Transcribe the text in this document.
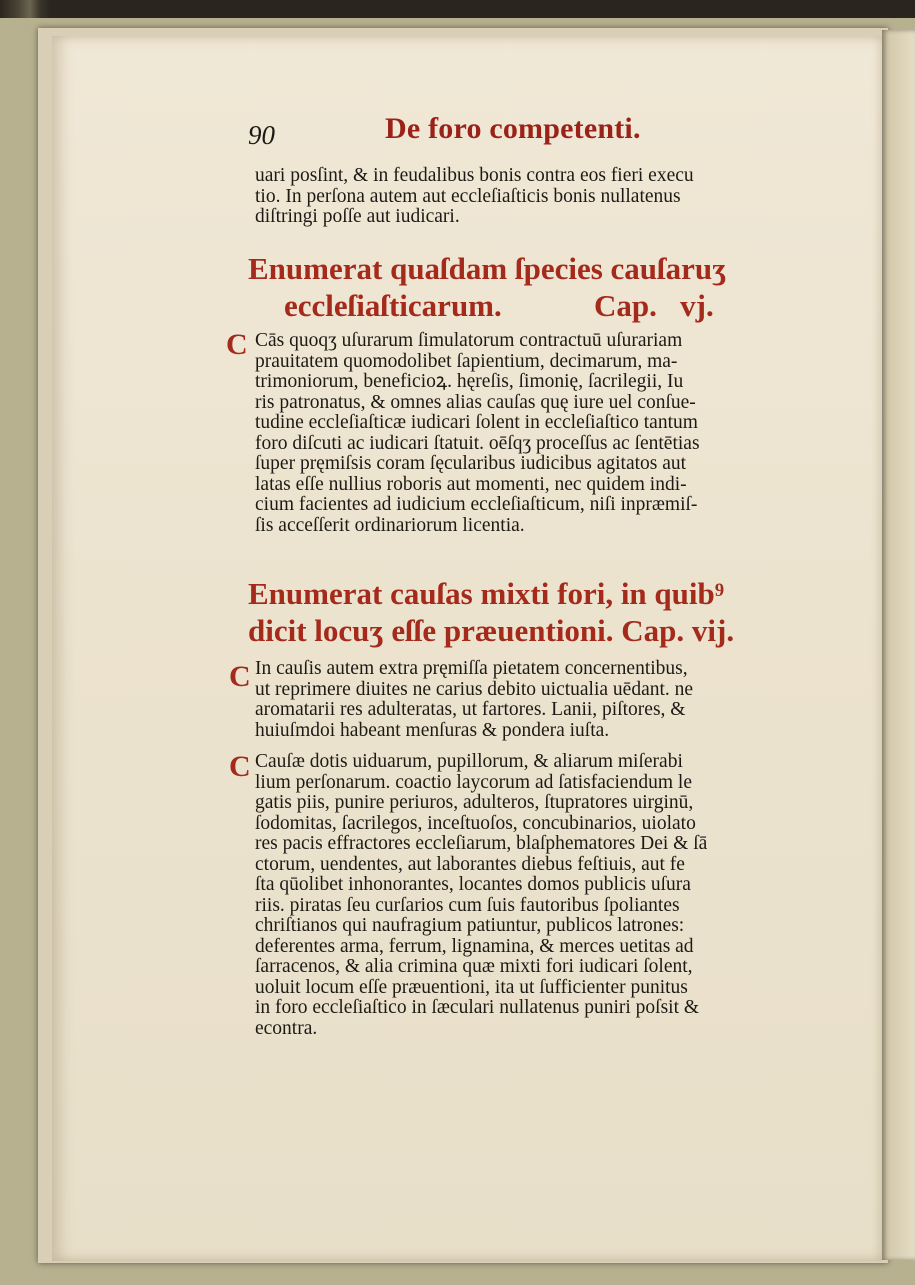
90	De foro competenti.
uari posſint, & in feudalibus bonis contra eos fieri execu
tio. In perſona autem aut eccleſiaſticis bonis nullatenus
diſtringi poſſe aut iudicari.
Enumerat quaſdam ſpecies cauſaruʒ
eccleſiaſticarum.	Cap.   vj.
C Cās quoqʒ uſurarum ſimulatorum contractuū uſurariam
prauitatem quomodolibet ſapientium, decimarum, ma-
trimoniorum, beneficioꝝ. hęreſis, ſimonię, ſacrilegii, Iu
ris patronatus, & omnes alias cauſas quę iure uel conſue-
tudine eccleſiaſticæ iudicari ſolent in eccleſiaſtico tantum
foro diſcuti ac iudicari ſtatuit. oēſqʒ proceſſus ac ſentētias
ſuper pręmiſsis coram ſęcularibus iudicibus agitatos aut
latas eſſe nullius roboris aut momenti, nec quidem indi-
cium facientes ad iudicium eccleſiaſticum, niſi inpræmiſ-
ſis acceſſerit ordinariorum licentia.
Enumerat cauſas mixti fori, in quib⁹
dicit locuʒ eſſe præuentioni. Cap. vij.
C In cauſis autem extra pręmiſſa pietatem concernentibus,
ut reprimere diuites ne carius debito uictualia uēdant. ne
aromatarii res adulteratas, ut fartores. Lanii, piſtores, &
huiuſmdoi habeant menſuras & pondera iuſta.
C Cauſæ dotis uiduarum, pupillorum, & aliarum miſerabi
lium perſonarum. coactio laycorum ad ſatisfaciendum le
gatis piis, punire periuros, adulteros, ſtupratores uirginū,
ſodomitas, ſacrilegos, inceſtuoſos, concubinarios, uiolato
res pacis effractores eccleſiarum, blaſphematores Dei & ſā
ctorum, uendentes, aut laborantes diebus feſtiuis, aut fe
ſta qūolibet inhonorantes, locantes domos publicis uſura
riis. piratas ſeu curſarios cum ſuis fautoribus ſpoliantes
chriſtianos qui naufragium patiuntur, publicos latrones:
deferentes arma, ferrum, lignamina, & merces uetitas ad
ſarracenos, & alia crimina quæ mixti fori iudicari ſolent,
uoluit locum eſſe præuentioni, ita ut ſufficienter punitus
in foro eccleſiaſtico in ſæculari nullatenus puniri poſsit &
econtra.
